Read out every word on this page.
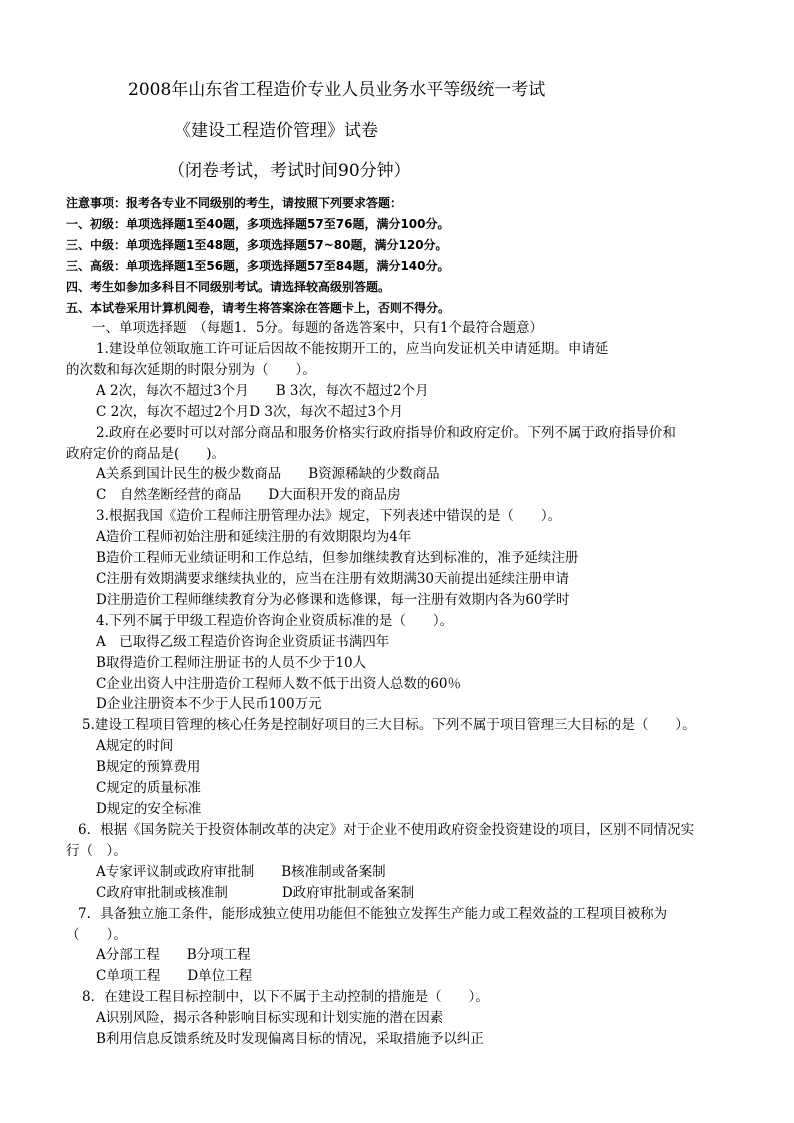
2008年山东省工程造价专业人员业务水平等级统一考试
《建设工程造价管理》试卷
（闭卷考试，考试时间90分钟）
注意事项：报考各专业不同级别的考生，请按照下列要求答题：
一、初级：单项选择题1至40题，多项选择题57至76题，满分100分。
三、中级：单项选择题1至48题，多项选择题57~80题，满分120分。
三、高级：单项选择题1至56题，多项选择题57至84题，满分140分。
四、考生如参加多科目不同级别考试。请选择较高级别答题。
五、本试卷采用计算机阅卷，请考生将答案涂在答题卡上，否则不得分。
一、单项选择题　（每题1．5分。每题的备选答案中，只有1个最符合题意）
1.建设单位领取施工许可证后因故不能按期开工的，应当向发证机关申请延期。申请延
的次数和每次延期的时限分别为（　　）。
A 2次，每次不超过3个月　　B 3次，每次不超过2个月
C 2次，每次不超过2个月D 3次，每次不超过3个月
2.政府在必要时可以对部分商品和服务价格实行政府指导价和政府定价。下列不属于政府指导价和
政府定价的商品是(　　)。
A关系到国计民生的极少数商品　　B资源稀缺的少数商品
C　自然垄断经营的商品　　D大面积开发的商品房
3.根据我国《造价工程师注册管理办法》规定，下列表述中错误的是（　　）。
A造价工程师初始注册和延续注册的有效期限均为4年
B造价工程师无业绩证明和工作总结，但参加继续教育达到标准的，准予延续注册
C注册有效期满要求继续执业的，应当在注册有效期满30天前提出延续注册申请
D注册造价工程师继续教育分为必修课和选修课，每一注册有效期内各为60学时
4.下列不属于甲级工程造价咨询企业资质标准的是（　　）。
A　已取得乙级工程造价咨询企业资质证书满四年
B取得造价工程师注册证书的人员不少于10人
C企业出资人中注册造价工程师人数不低于出资人总数的60％
D企业注册资本不少于人民币100万元
5.建设工程项目管理的核心任务是控制好项目的三大目标。下列不属于项目管理三大目标的是（　　）。
A规定的时间
B规定的预算费用
C规定的质量标准
D规定的安全标准
6．根据《国务院关于投资体制改革的决定》对于企业不使用政府资金投资建设的项目，区别不同情况实
行（　）。
A专家评议制或政府审批制　　B核准制或备案制
C政府审批制或核准制　　　　D政府审批制或备案制
7．具备独立施工条件，能形成独立使用功能但不能独立发挥生产能力或工程效益的工程项目被称为
（　　）。
A分部工程　　B分项工程
C单项工程　　D单位工程
8．在建设工程目标控制中，以下不属于主动控制的措施是（　　）。
A识别风险，揭示各种影响目标实现和计划实施的潜在因素
B利用信息反馈系统及时发现偏离目标的情况，采取措施予以纠正
